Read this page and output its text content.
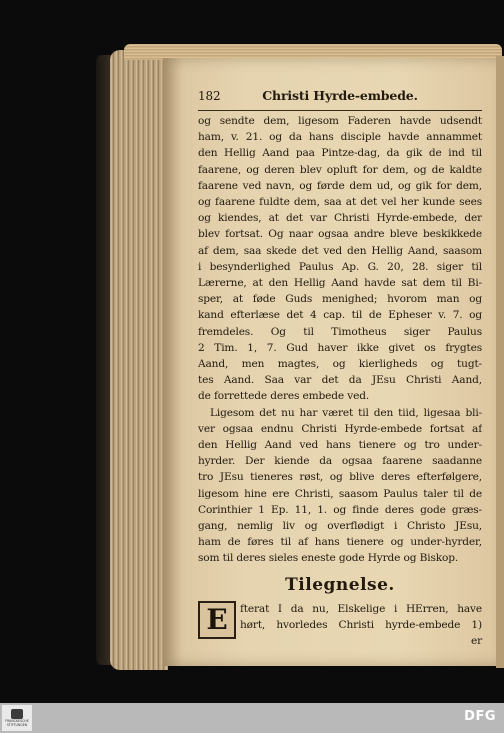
182	Christi Hyrde-embede.
og sendte dem, ligesom Faderen havde udsendt
ham, v. 21. og da hans disciple havde annammet
den Hellig Aand paa Pintze-dag, da gik de ind til
faarene, og deren blev opluft for dem, og de kaldte
faarene ved navn, og førde dem ud, og gik for dem,
og faarene fuldte dem, saa at det vel her kunde sees
og kiendes, at det var Christi Hyrde-embede, der
blev fortsat. Og naar ogsaa andre bleve beskikkede
af dem, saa skede det ved den Hellig Aand, saasom
i besynderlighed Paulus Ap. G. 20, 28. siger til
Lærerne, at den Hellig Aand havde sat dem til Bi-
sper, at føde Guds menighed; hvorom man og
kand efterlæse det 4 cap. til de Epheser v. 7. og
fremdeles. Og til Timotheus siger Paulus
2 Tim. 1, 7. Gud haver ikke givet os frygtes
Aand, men magtes, og kierligheds og tugt-
tes Aand. Saa var det da JEsu Christi Aand,
de forrettede deres embede ved.
Ligesom det nu har været til den tiid, ligesaa bli-
ver ogsaa endnu Christi Hyrde-embede fortsat af
den Hellig Aand ved hans tienere og tro under-
hyrder. Der kiende da ogsaa faarene saadanne
tro JEsu tieneres røst, og blive deres efterfølgere,
ligesom hine ere Christi, saasom Paulus taler til de
Corinthier 1 Ep. 11, 1. og finde deres gode græs-
gang, nemlig liv og overflødigt i Christo JEsu,
ham de føres til af hans tienere og under-hyrder,
som til deres sieles eneste gode Hyrde og Biskop.
Tilegnelse.
E	fterat I da nu, Elskelige i HErren, have
hørt, hvorledes Christi hyrde-embede 1)
er
FRANCKESCHE
STIFTUNGEN
DFG
